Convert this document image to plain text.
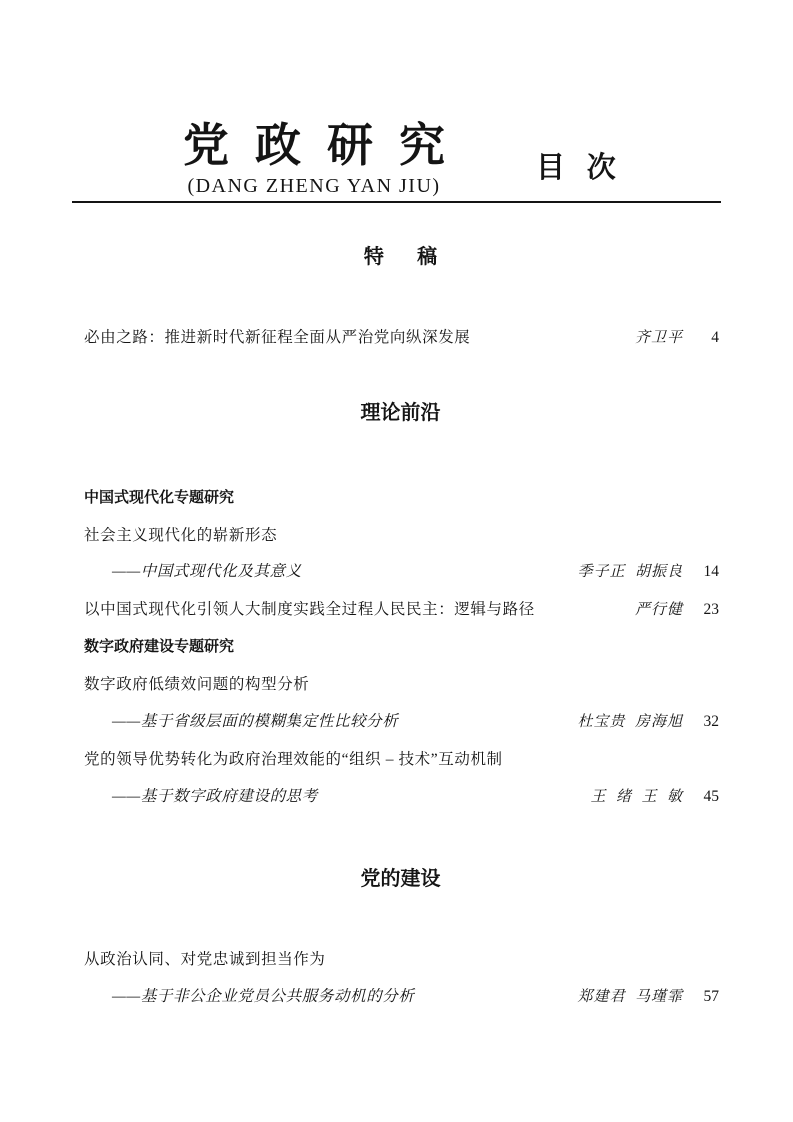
党政研究
(DANG ZHENG YAN JIU)
目   次
特      稿
必由之路：推进新时代新征程全面从严治党向纵深发展	齐卫平	4
理论前沿
中国式现代化专题研究
社会主义现代化的崭新形态
——中国式现代化及其意义	季子正  胡振良	14
以中国式现代化引领人大制度实践全过程人民民主：逻辑与路径	严行健	23
数字政府建设专题研究
数字政府低绩效问题的构型分析
——基于省级层面的模糊集定性比较分析	杜宝贵  房海旭	32
党的领导优势转化为政府治理效能的“组织 – 技术”互动机制
——基于数字政府建设的思考	王  绪  王  敏	45
党的建设
从政治认同、对党忠诚到担当作为
——基于非公企业党员公共服务动机的分析	郑建君  马瑾霏	57
